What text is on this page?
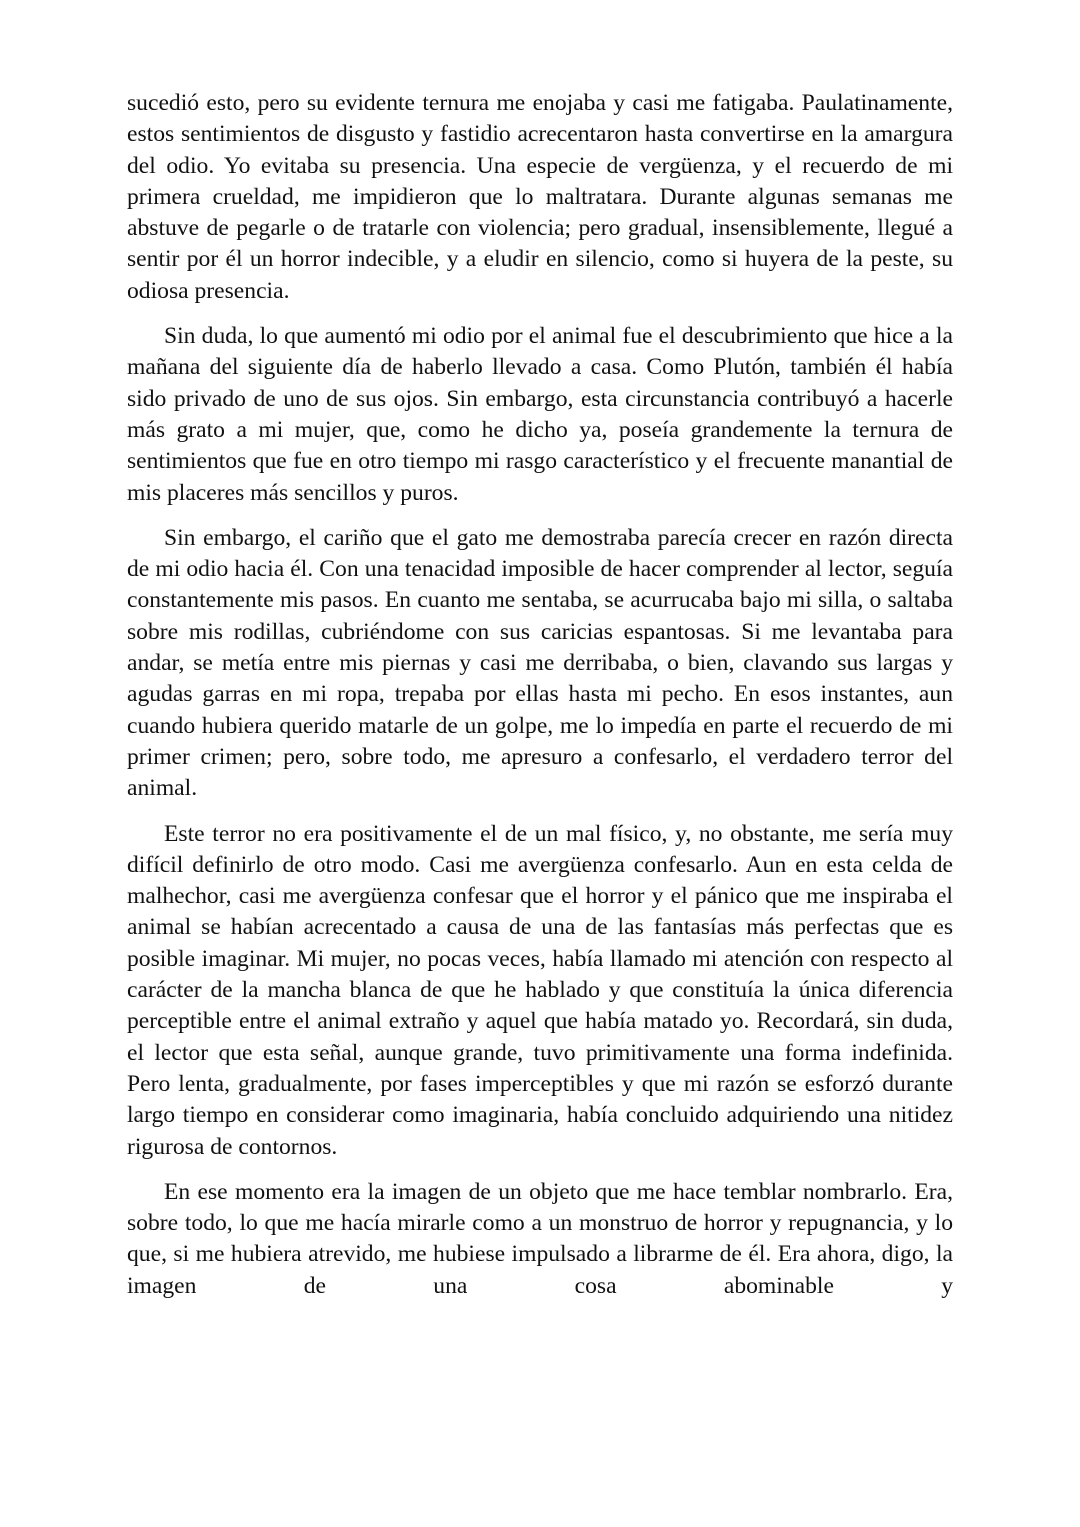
sucedió esto, pero su evidente ternura me enojaba y casi me fatigaba. Paulatinamente, estos sentimientos de disgusto y fastidio acrecentaron hasta convertirse en la amargura del odio. Yo evitaba su presencia. Una especie de vergüenza, y el recuerdo de mi primera crueldad, me impidieron que lo maltratara. Durante algunas semanas me abstuve de pegarle o de tratarle con violencia; pero gradual, insensiblemente, llegué a sentir por él un horror indecible, y a eludir en silencio, como si huyera de la peste, su odiosa presencia.

Sin duda, lo que aumentó mi odio por el animal fue el descubrimiento que hice a la mañana del siguiente día de haberlo llevado a casa. Como Plutón, también él había sido privado de uno de sus ojos. Sin embargo, esta circunstancia contribuyó a hacerle más grato a mi mujer, que, como he dicho ya, poseía grandemente la ternura de sentimientos que fue en otro tiempo mi rasgo característico y el frecuente manantial de mis placeres más sencillos y puros.

Sin embargo, el cariño que el gato me demostraba parecía crecer en razón directa de mi odio hacia él. Con una tenacidad imposible de hacer comprender al lector, seguía constantemente mis pasos. En cuanto me sentaba, se acurrucaba bajo mi silla, o saltaba sobre mis rodillas, cubriéndome con sus caricias espantosas. Si me levantaba para andar, se metía entre mis piernas y casi me derribaba, o bien, clavando sus largas y agudas garras en mi ropa, trepaba por ellas hasta mi pecho. En esos instantes, aun cuando hubiera querido matarle de un golpe, me lo impedía en parte el recuerdo de mi primer crimen; pero, sobre todo, me apresuro a confesarlo, el verdadero terror del animal.

Este terror no era positivamente el de un mal físico, y, no obstante, me sería muy difícil definirlo de otro modo. Casi me avergüenza confesarlo. Aun en esta celda de malhechor, casi me avergüenza confesar que el horror y el pánico que me inspiraba el animal se habían acrecentado a causa de una de las fantasías más perfectas que es posible imaginar. Mi mujer, no pocas veces, había llamado mi atención con respecto al carácter de la mancha blanca de que he hablado y que constituía la única diferencia perceptible entre el animal extraño y aquel que había matado yo. Recordará, sin duda, el lector que esta señal, aunque grande, tuvo primitivamente una forma indefinida. Pero lenta, gradualmente, por fases imperceptibles y que mi razón se esforzó durante largo tiempo en considerar como imaginaria, había concluido adquiriendo una nitidez rigurosa de contornos.

En ese momento era la imagen de un objeto que me hace temblar nombrarlo. Era, sobre todo, lo que me hacía mirarle como a un monstruo de horror y repugnancia, y lo que, si me hubiera atrevido, me hubiese impulsado a librarme de él. Era ahora, digo, la imagen de una cosa abominable y
